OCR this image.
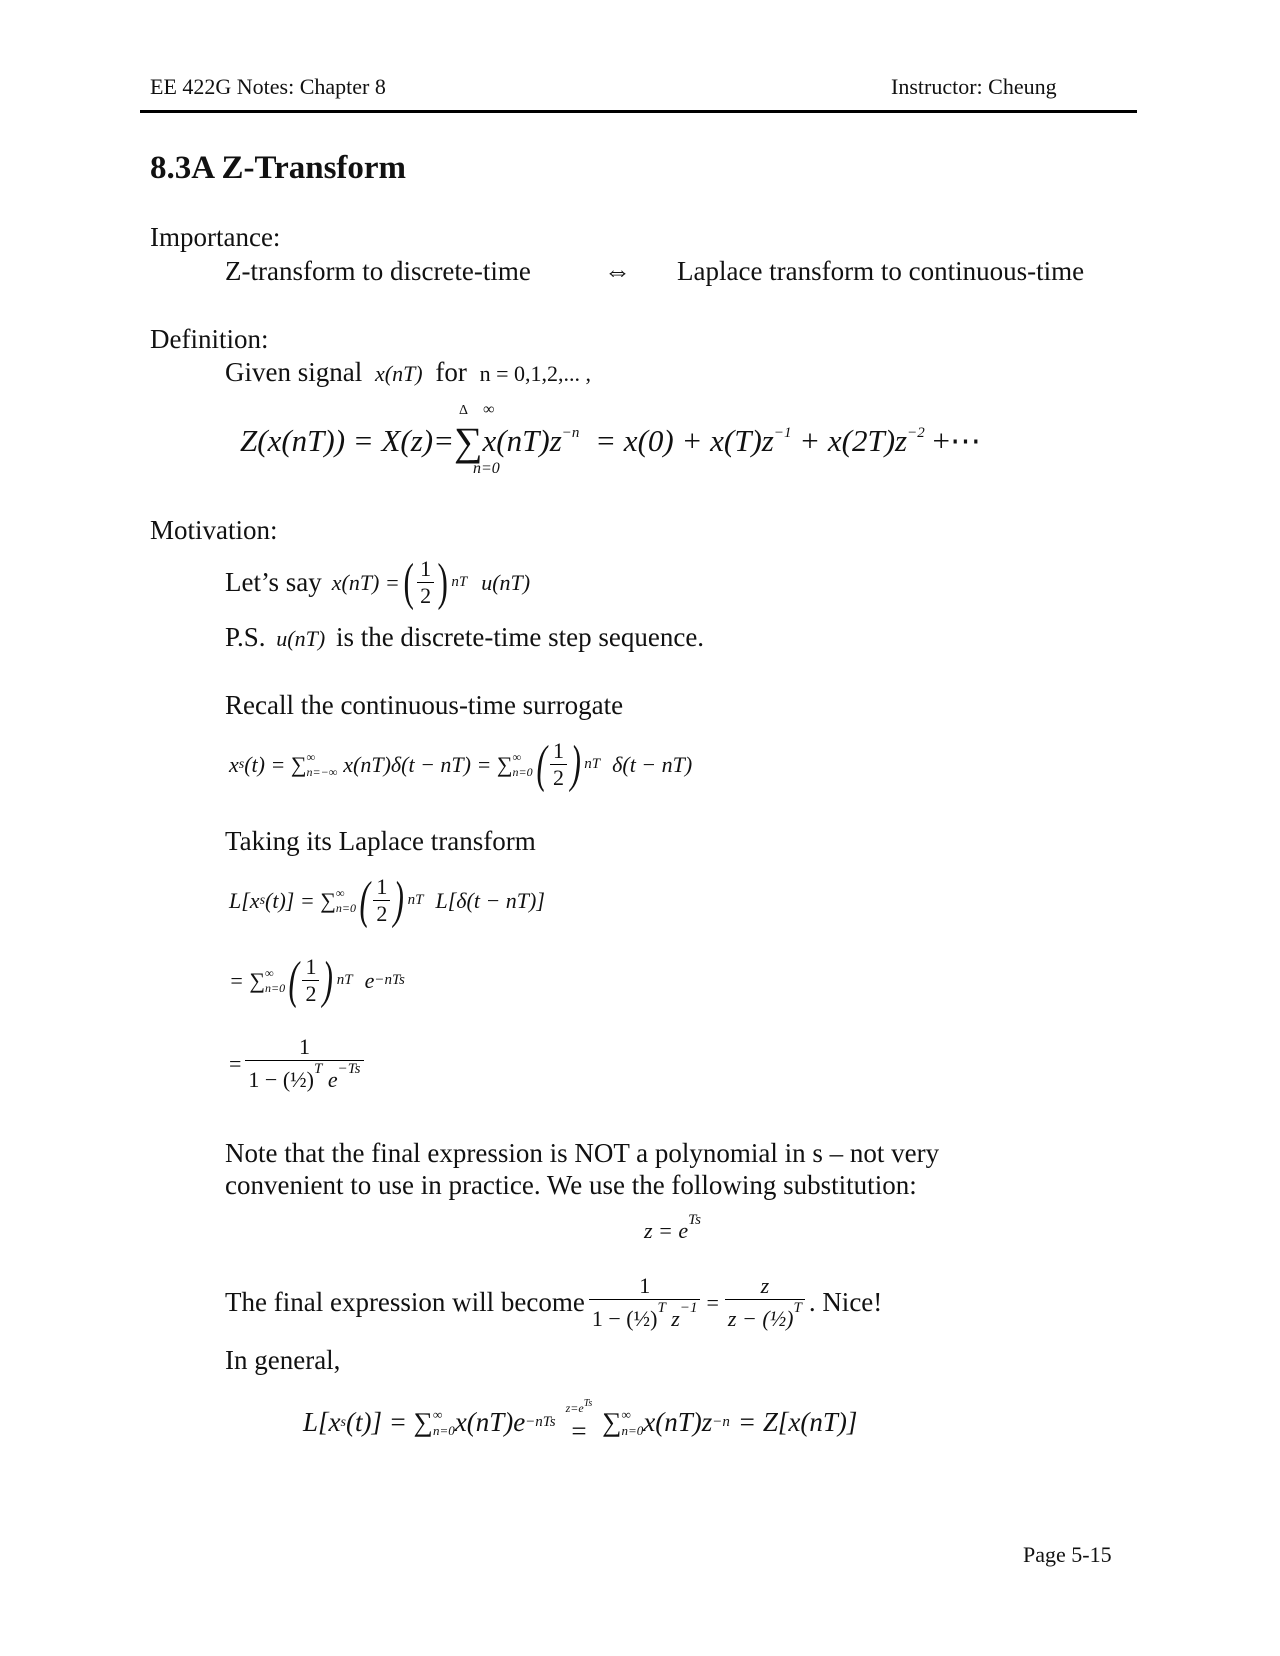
EE 422G Notes: Chapter 8	Instructor: Cheung
8.3A Z-Transform
Importance:
Z-transform to discrete-time	⇔ Laplace transform to continuous-time
Definition:
Given signal x(nT) for n = 0,1,2,... ,
Δ ∞
n=0
$Z(x(nT)) = X(z)=\sum x(nT)z^{-n} = x(0) + x(T)z^{-1} + x(2T)z^{-2}$ +⋯
Motivation:
Let’s say x(nT) = ( $\frac{1}{2}$ ) nT u(nT)
P.S. u(nT) is the discrete-time step sequence.
Recall the continuous-time surrogate
x s (t) = ∑ ∞
n=−∞ x(nT)δ(t − nT) = ∑ ∞
n=0 ( $\frac{1}{2}$ ) nT δ(t − nT)
Taking its Laplace transform
L[x s (t)] = ∑ ∞
n=0 ( $\frac{1}{2}$ ) nT L[δ(t − nT)]
= ∑ ∞
n=0 ( $\frac{1}{2}$ ) nT e −nTs
= $\frac{1}{1 - (\frac{1}{2})^T e^{-Ts}}$
Note that the final expression is NOT a polynomial in s – not very
convenient to use in practice. We use the following substitution:
$z = e^{Ts}$
The final expression will become $\frac{1}{1 - (\frac{1}{2})^T z^{-1}} = \frac{z}{z - (\frac{1}{2})^T}$ . Nice!
In general,
L[x s (t)] = ∑ ∞
n=0 x(nT)e −nTs
$z=e^{Ts}$
= ∑ ∞
n=0 x(nT)z −n = Z[x(nT)]
Page 5-15
